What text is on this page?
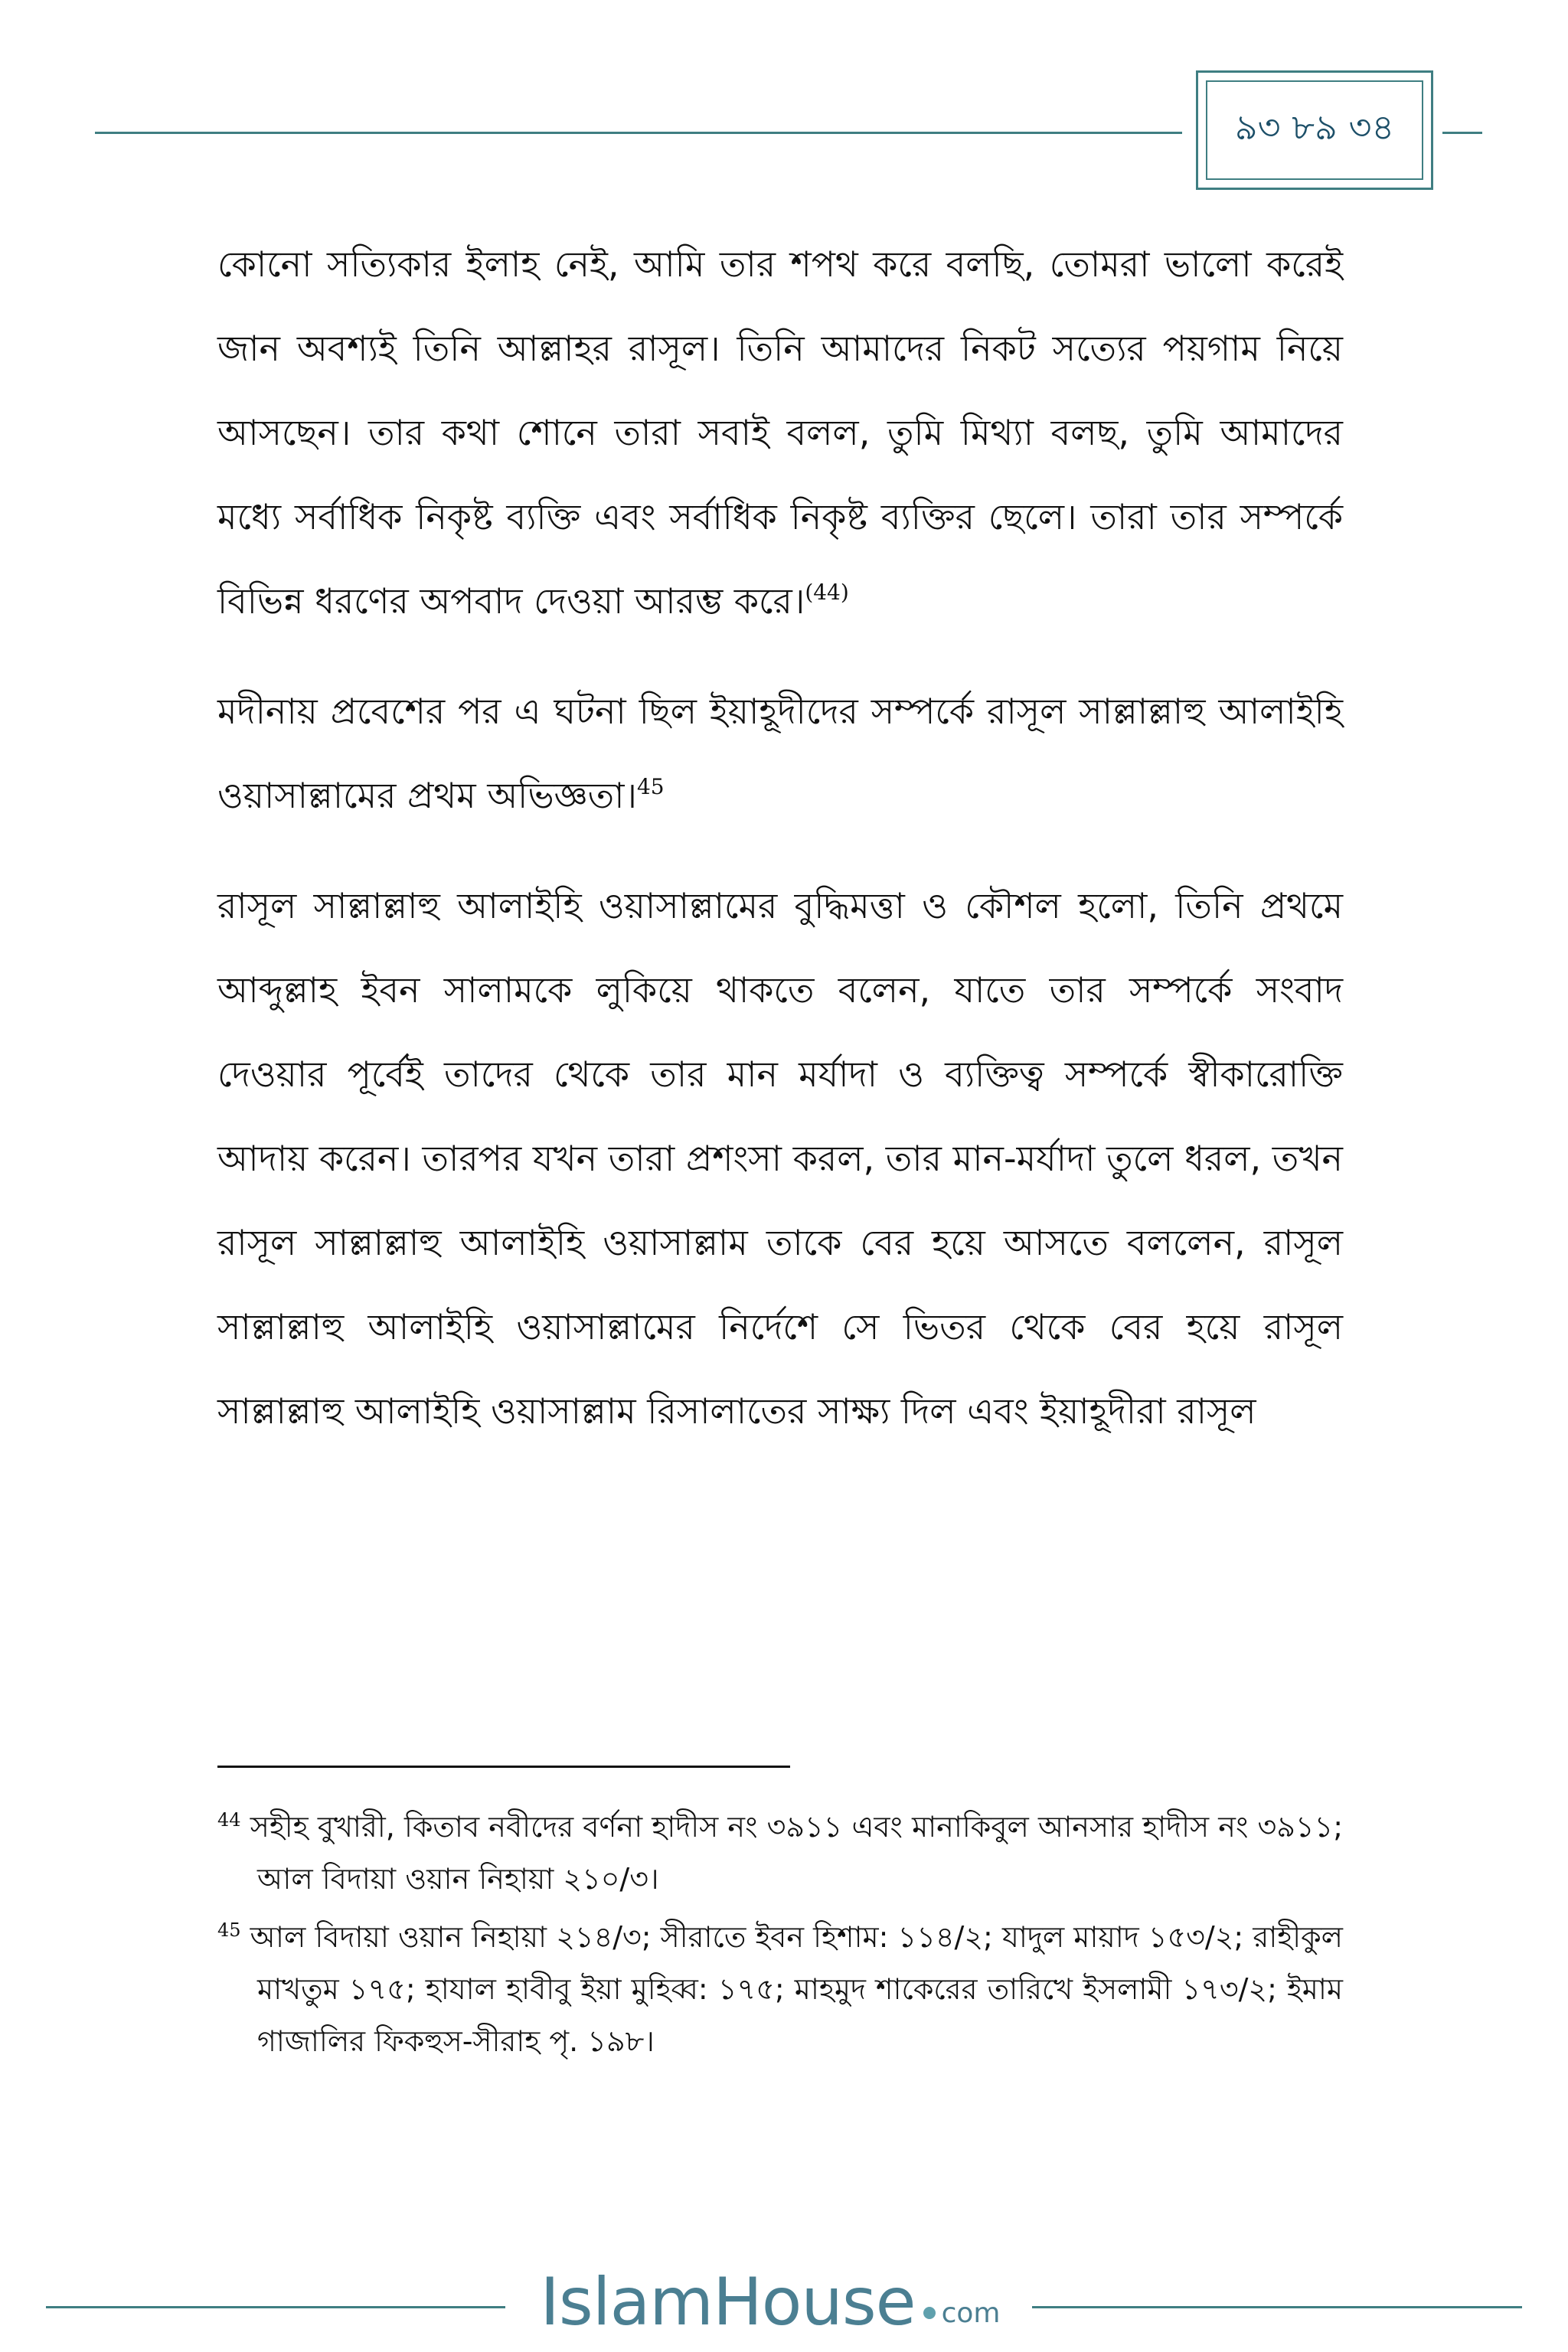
৯৩ ৮৯ ৩৪

কোনো সত্যিকার ইলাহ নেই, আমি তার শপথ করে বলছি, তোমরা ভালো করেই জান অবশ্যই তিনি আল্লাহর রাসূল। তিনি আমাদের নিকট সত্যের পয়গাম নিয়ে আসছেন। তার কথা শোনে তারা সবাই বলল, তুমি মিথ্যা বলছ, তুমি আমাদের মধ্যে সর্বাধিক নিকৃষ্ট ব্যক্তি এবং সর্বাধিক নিকৃষ্ট ব্যক্তির ছেলে। তারা তার সম্পর্কে বিভিন্ন ধরণের অপবাদ দেওয়া আরম্ভ করে।$^{(44)}$

মদীনায় প্রবেশের পর এ ঘটনা ছিল ইয়াহূদীদের সম্পর্কে রাসূল সাল্লাল্লাহু আলাইহি ওয়াসাল্লামের প্রথম অভিজ্ঞতা।$^{45}$

রাসূল সাল্লাল্লাহু আলাইহি ওয়াসাল্লামের বুদ্ধিমত্তা ও কৌশল হলো, তিনি প্রথমে আব্দুল্লাহ ইবন সালামকে লুকিয়ে থাকতে বলেন, যাতে তার সম্পর্কে সংবাদ দেওয়ার পূর্বেই তাদের থেকে তার মান মর্যাদা ও ব্যক্তিত্ব সম্পর্কে স্বীকারোক্তি আদায় করেন। তারপর যখন তারা প্রশংসা করল, তার মান-মর্যাদা তুলে ধরল, তখন রাসূল সাল্লাল্লাহু আলাইহি ওয়াসাল্লাম তাকে বের হয়ে আসতে বললেন, রাসূল সাল্লাল্লাহু আলাইহি ওয়াসাল্লামের নির্দেশে সে ভিতর থেকে বের হয়ে রাসূল সাল্লাল্লাহু আলাইহি ওয়াসাল্লাম রিসালাতের সাক্ষ্য দিল এবং ইয়াহূদীরা রাসূল

$^{44}$ সহীহ বুখারী, কিতাব নবীদের বর্ণনা হাদীস নং ৩৯১১ এবং মানাকিবুল আনসার হাদীস নং ৩৯১১; আল বিদায়া ওয়ান নিহায়া ২১০/৩।

$^{45}$ আল বিদায়া ওয়ান নিহায়া ২১৪/৩; সীরাতে ইবন হিশাম: ১১৪/২; যাদুল মায়াদ ১৫৩/২; রাহীকুল মাখতুম ১৭৫; হাযাল হাবীবু ইয়া মুহিব্ব: ১৭৫; মাহমুদ শাকেরের তারিখে ইসলামী ১৭৩/২; ইমাম গাজালির ফিকহুস-সীরাহ পৃ. ১৯৮।

IslamHouse com
